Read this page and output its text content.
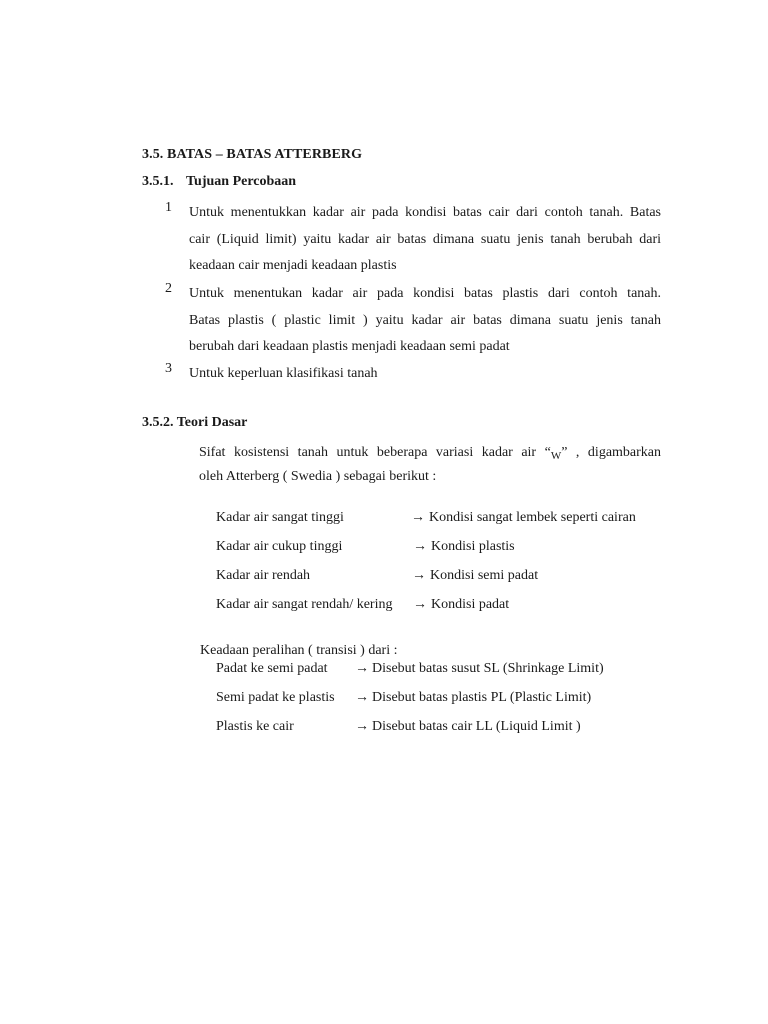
3.5. BATAS – BATAS ATTERBERG
3.5.1. Tujuan Percobaan
1	Untuk menentukkan kadar air pada kondisi batas cair dari contoh tanah. Batas
cair (Liquid limit) yaitu kadar air batas dimana suatu jenis tanah berubah dari
keadaan cair menjadi keadaan plastis
2	Untuk menentukan kadar air pada kondisi batas plastis dari contoh tanah.
Batas plastis ( plastic limit ) yaitu kadar air batas dimana suatu jenis tanah
berubah dari keadaan plastis menjadi keadaan semi padat
3	Untuk keperluan klasifikasi tanah
3.5.2. Teori Dasar
Sifat kosistensi tanah untuk beberapa variasi kadar air “$_W$” , digambarkan
oleh Atterberg ( Swedia ) sebagai berikut :
Kadar air sangat tinggi	→ Kondisi sangat lembek seperti cairan
Kadar air cukup tinggi	→ Kondisi plastis
Kadar air rendah	→ Kondisi semi padat
Kadar air sangat rendah/ kering → Kondisi padat
Keadaan peralihan ( transisi ) dari :
Padat ke semi padat → Disebut batas susut SL (Shrinkage Limit)
Semi padat ke plastis → Disebut batas plastis PL (Plastic Limit)
Plastis ke cair	→ Disebut batas cair LL (Liquid Limit )
